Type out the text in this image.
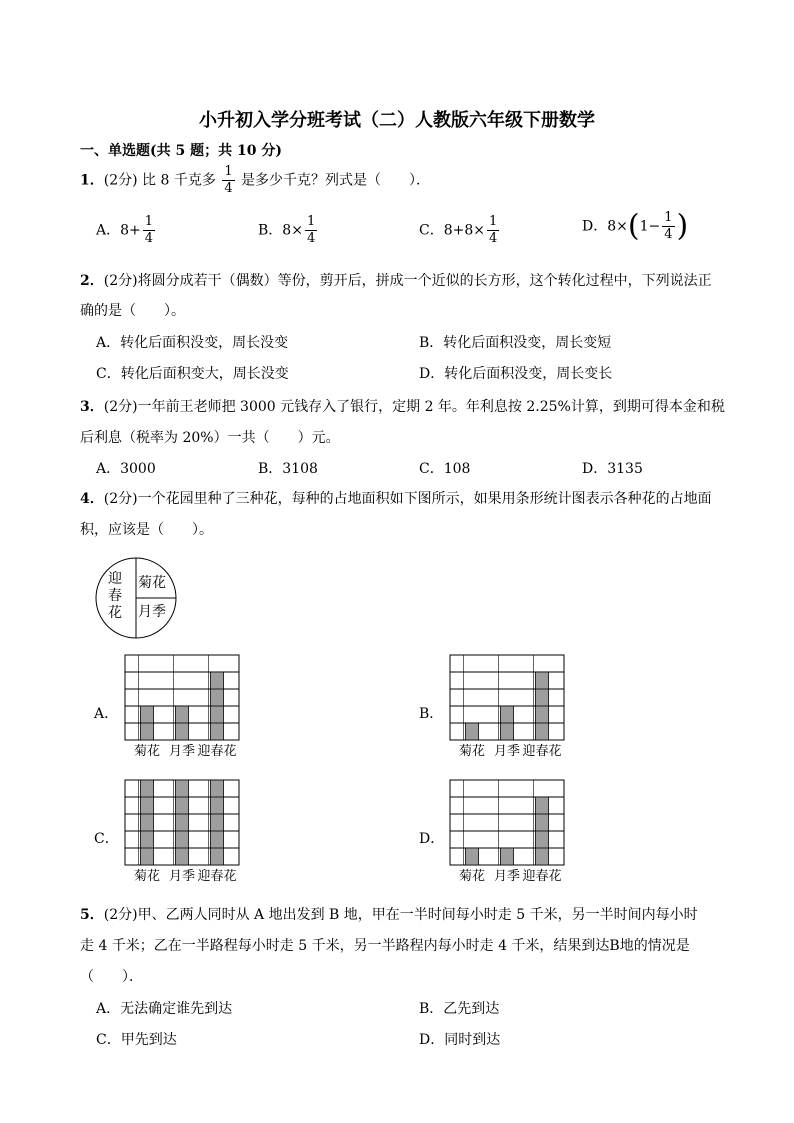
小升初入学分班考试（二）人教版六年级下册数学
一、单选题(共 5 题；共 10 分)
1．(2分) 比 8 千克多 $\frac{1}{4}$ 是多少千克？列式是（　　）．
A．$8+ \frac{1}{4}$	B．$8\times \frac{1}{4}$	C．$8+8\times \frac{1}{4}$	D．$8\times(1- \frac{1}{4}$ )
2．(2分)将圆分成若干（偶数）等份，剪开后，拼成一个近似的长方形，这个转化过程中，下列说法正
确的是（　　）。
A．转化后面积没变，周长没变	B．转化后面积没变，周长变短
C．转化后面积变大，周长没变	D．转化后面积没变，周长变长
3．(2分)一年前王老师把 3000 元钱存入了银行，定期 2 年。年利息按 2.25%计算，到期可得本金和税
后利息（税率为 20%）一共（　　）元。
A．3000	B．3108	C．108	D．3135
4．(2分)一个花园里种了三种花，每种的占地面积如下图所示，如果用条形统计图表示各种花的占地面
积，应该是（　　）。
迎春花
菊花
月季
A．	B．
C．	D．
菊花 月季 迎春花	菊花 月季 迎春花
菊花 月季 迎春花	菊花 月季 迎春花
5．(2分)甲、乙两人同时从 A 地出发到 B 地，甲在一半时间每小时走 5 千米，另一半时间内每小时
走 4 千米；乙在一半路程每小时走 5 千米，另一半路程内每小时走 4 千米，结果到达B地的情况是
（　　）．
A．无法确定谁先到达	B．乙先到达
C．甲先到达	D．同时到达
